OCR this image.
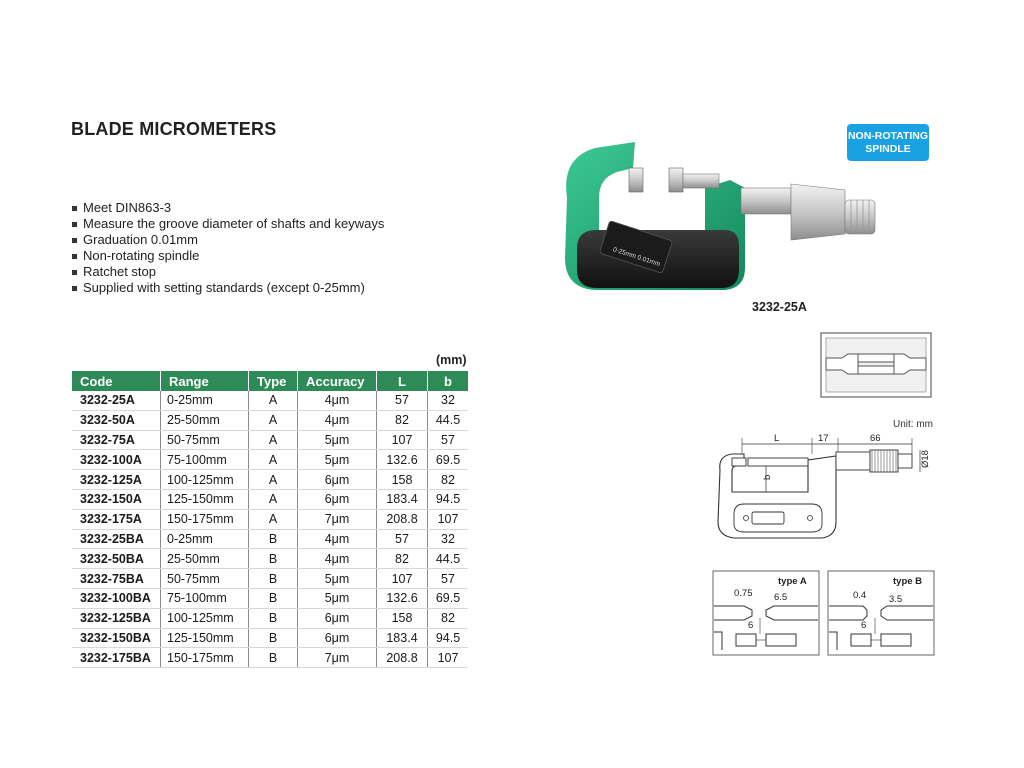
BLADE MICROMETERS	NON-ROTATING
SPINDLE
Meet DIN863-3
Measure the groove diameter of shafts and keyways
Graduation 0.01mm
Non-rotating spindle
Ratchet stop
Supplied with setting standards (except 0-25mm)
0-25mm 0.01mm
3232-25A
(mm)
Code	Range	Type	Accuracy	L	b
3232-25A	0-25mm	A	4μm	57	32
3232-50A	25-50mm	A	4μm	82	44.5
3232-75A	50-75mm	A	5μm	107	57
3232-100A	75-100mm	A	5μm	132.6	69.5
3232-125A	100-125mm	A	6μm	158	82
3232-150A	125-150mm	A	6μm	183.4	94.5
3232-175A	150-175mm	A	7μm	208.8	107
3232-25BA	0-25mm	B	4μm	57	32
3232-50BA	25-50mm	B	4μm	82	44.5
3232-75BA	50-75mm	B	5μm	107	57
3232-100BA	75-100mm	B	5μm	132.6	69.5
3232-125BA	100-125mm	B	6μm	158	82
3232-150BA	125-150mm	B	6μm	183.4	94.5
3232-175BA	150-175mm	B	7μm	208.8	107
Unit: mm
L	17	66
Ø18
b
type A
0.75 6.5
6
type B
0.4 3.5
6
